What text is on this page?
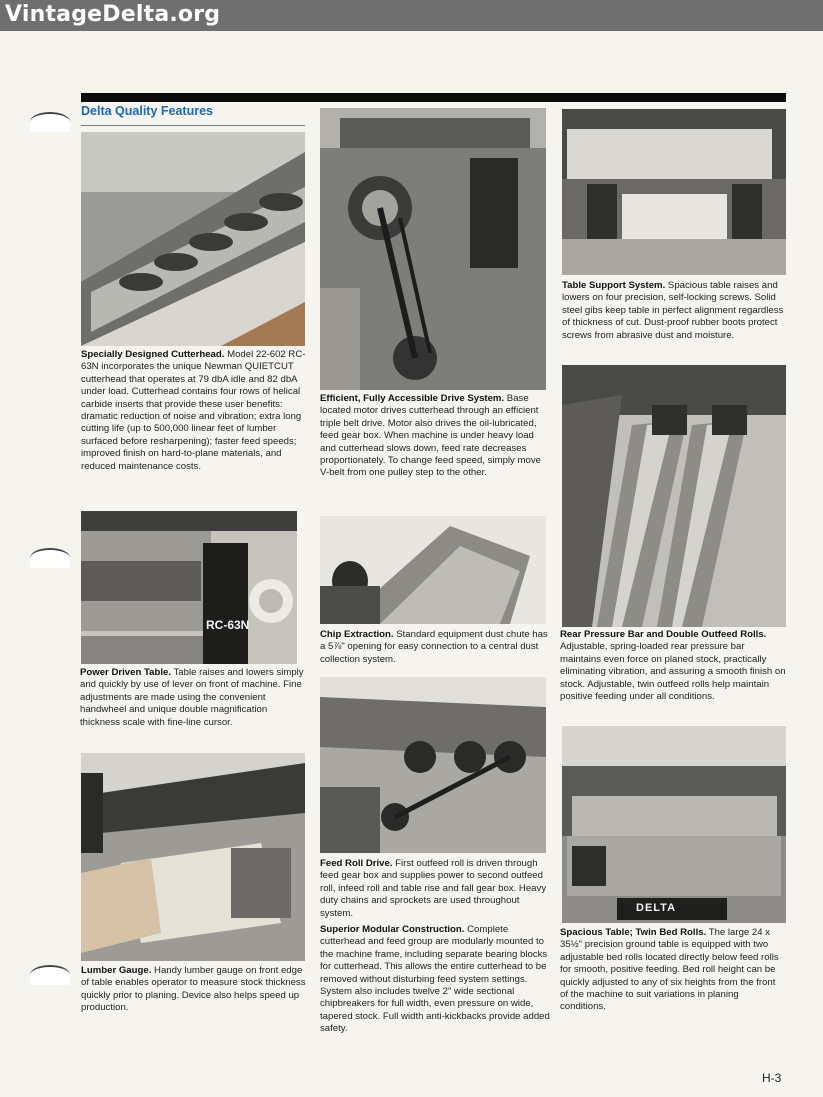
VintageDelta.org
Delta Quality Features
Specially Designed Cutterhead. Model 22-602 RC-63N incorporates the unique Newman QUIETCUT cutterhead that operates at 79 dbA idle and 82 dbA under load. Cutterhead contains four rows of helical carbide inserts that provide these user benefits: dramatic reduction of noise and vibration; extra long cutting life (up to 500,000 linear feet of lumber surfaced before resharpening); faster feed speeds; improved finish on hard-to-plane materials, and reduced maintenance costs.
Efficient, Fully Accessible Drive System. Base located motor drives cutterhead through an efficient triple belt drive. Motor also drives the oil-lubricated, feed gear box. When machine is under heavy load and cutterhead slows down, feed rate decreases proportionately. To change feed speed, simply move V-belt from one pulley step to the other.
Table Support System. Spacious table raises and lowers on four precision, self-locking screws. Solid steel gibs keep table in perfect alignment regardless of thickness of cut. Dust-proof rubber boots protect screws from abrasive dust and moisture.
RC-63N
Power Driven Table. Table raises and lowers simply and quickly by use of lever on front of machine. Fine adjustments are made using the convenient handwheel and unique double magnification thickness scale with fine-line cursor.
Chip Extraction. Standard equipment dust chute has a 5⅞" opening for easy connection to a central dust collection system.
Rear Pressure Bar and Double Outfeed Rolls. Adjustable, spring-loaded rear pressure bar maintains even force on planed stock, practically eliminating vibration, and assuring a smooth finish on stock. Adjustable, twin outfeed rolls help maintain positive feeding under all conditions.
Feed Roll Drive. First outfeed roll is driven through feed gear box and supplies power to second outfeed roll, infeed roll and table rise and fall gear box. Heavy duty chains and sprockets are used throughout system.
Superior Modular Construction. Complete cutterhead and feed group are modularly mounted to the machine frame, including separate bearing blocks for cutterhead. This allows the entire cutterhead to be removed without disturbing feed system settings. System also includes twelve 2" wide sectional chipbreakers for full width, even pressure on wide, tapered stock. Full width anti-kickbacks provide added safety.
Lumber Gauge. Handy lumber gauge on front edge of table enables operator to measure stock thickness quickly prior to planing. Device also helps speed up production.
DELTA
Spacious Table; Twin Bed Rolls. The large 24 x 35½" precision ground table is equipped with two adjustable bed rolls located directly below feed rolls for smooth, positive feeding. Bed roll height can be quickly adjusted to any of six heights from the front of the machine to suit variations in planing conditions.
H-3
